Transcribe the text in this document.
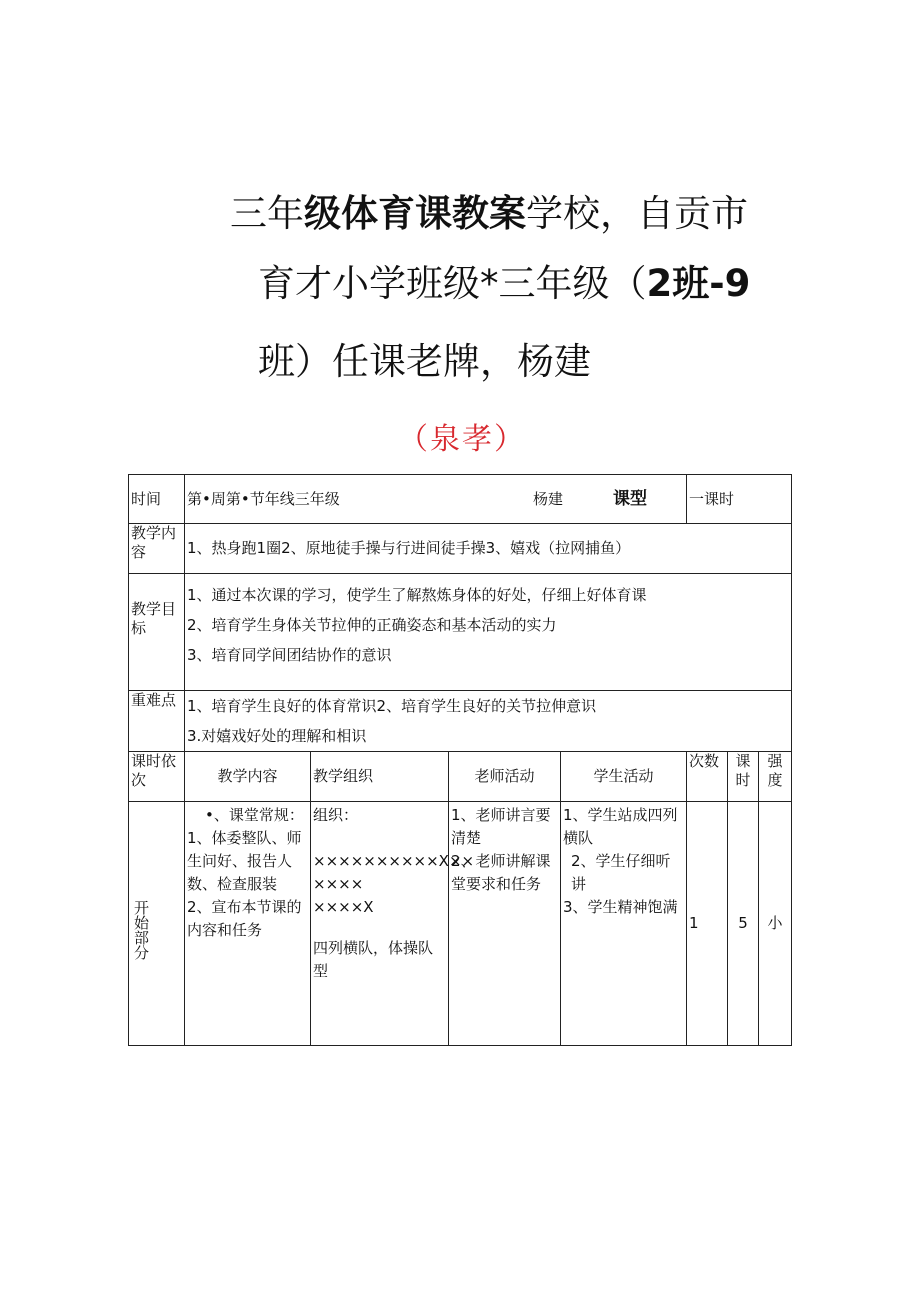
三年级体育课教案学校，自贡市
育才小学班级*三年级（2班-9
班）任课老牌，杨建
（泉孝）
时间	第•周第•节年线三年级 杨建 课型				一课时		
教学内容	1、热身跑1圈2、原地徒手操与行进间徒手操3、嬉戏（拉网捕鱼）						
教学目标	1、通过本次课的学习，使学生了解熬炼身体的好处，仔细上好体育课
2、培育学生身体关节拉伸的正确姿态和基本活动的实力
3、培育同学间团结协作的意识						

重难点	1、培育学生良好的体育常识2、培育学生良好的关节拉伸意识
3.对嬉戏好处的理解和相识						

课时依次	教学内容	教学组织	老师活动	学生活动	次数	课时	强度

开始部分	•、课堂常规：
1、体委整队、师生问好、报告人数、检查服装
2、宣布本节课的内容和任务	组织：
××××××××××X××
××××
××××X
四列横队，体操队型	1、老师讲言要清楚
2、老师讲解课堂要求和任务	1、学生站成四列横队
2、学生仔细听讲
3、学生精神饱满	1	5	小
